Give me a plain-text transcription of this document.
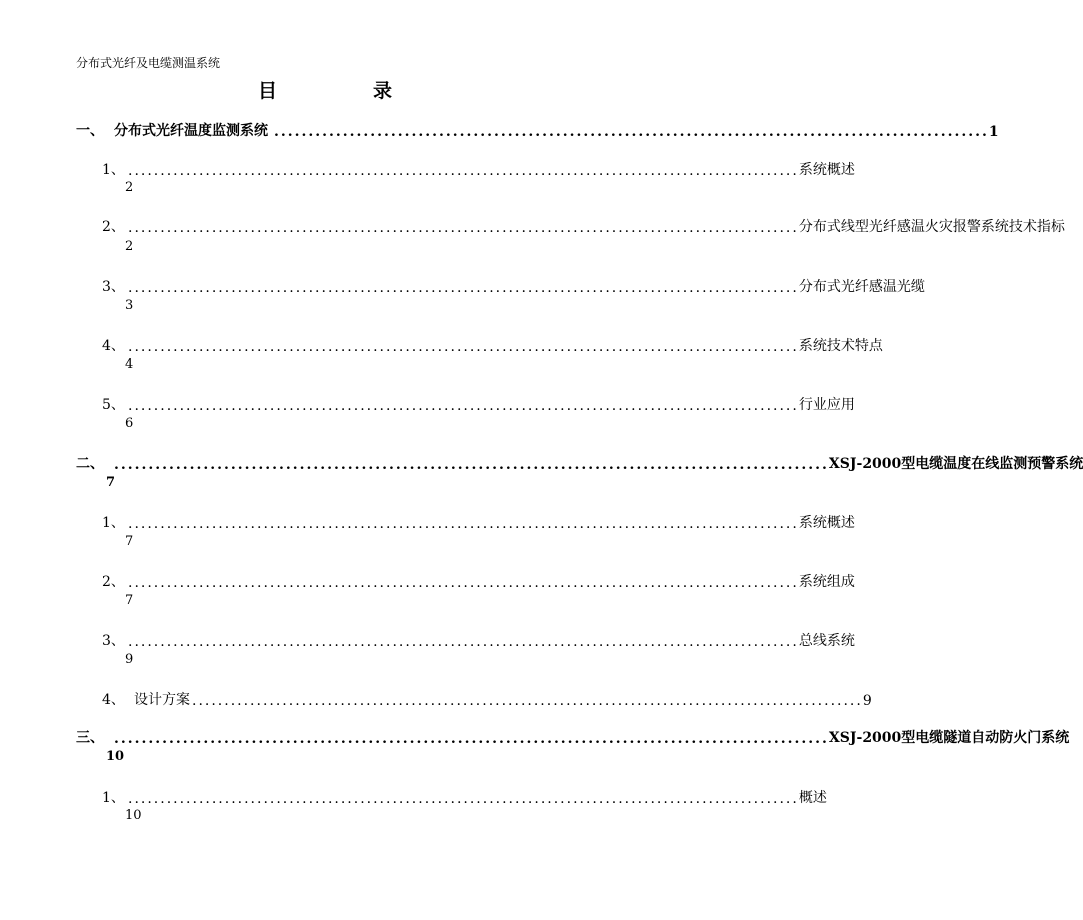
分布式光纤及电缆测温系统
目	录
一、 分布式光纤温度监测系统 ........................................................................................................ 1
1、 ........................................................................................................ 系统概述
2
2、 ........................................................................................................ 分布式线型光纤感温火灾报警系统技术指标
2
3、 ........................................................................................................ 分布式光纤感温光缆
3
4、 ........................................................................................................ 系统技术特点
4
5、 ........................................................................................................ 行业应用
6
二、 ........................................................................................................ XSJ-2000型电缆温度在线监测预警系统
7
1、 ........................................................................................................ 系统概述
7
2、 ........................................................................................................ 系统组成
7
3、 ........................................................................................................ 总线系统
9
4、 设计方案 ........................................................................................................ 9
三、 ........................................................................................................ XSJ-2000型电缆隧道自动防火门系统
10
1、 ........................................................................................................ 概述
10
